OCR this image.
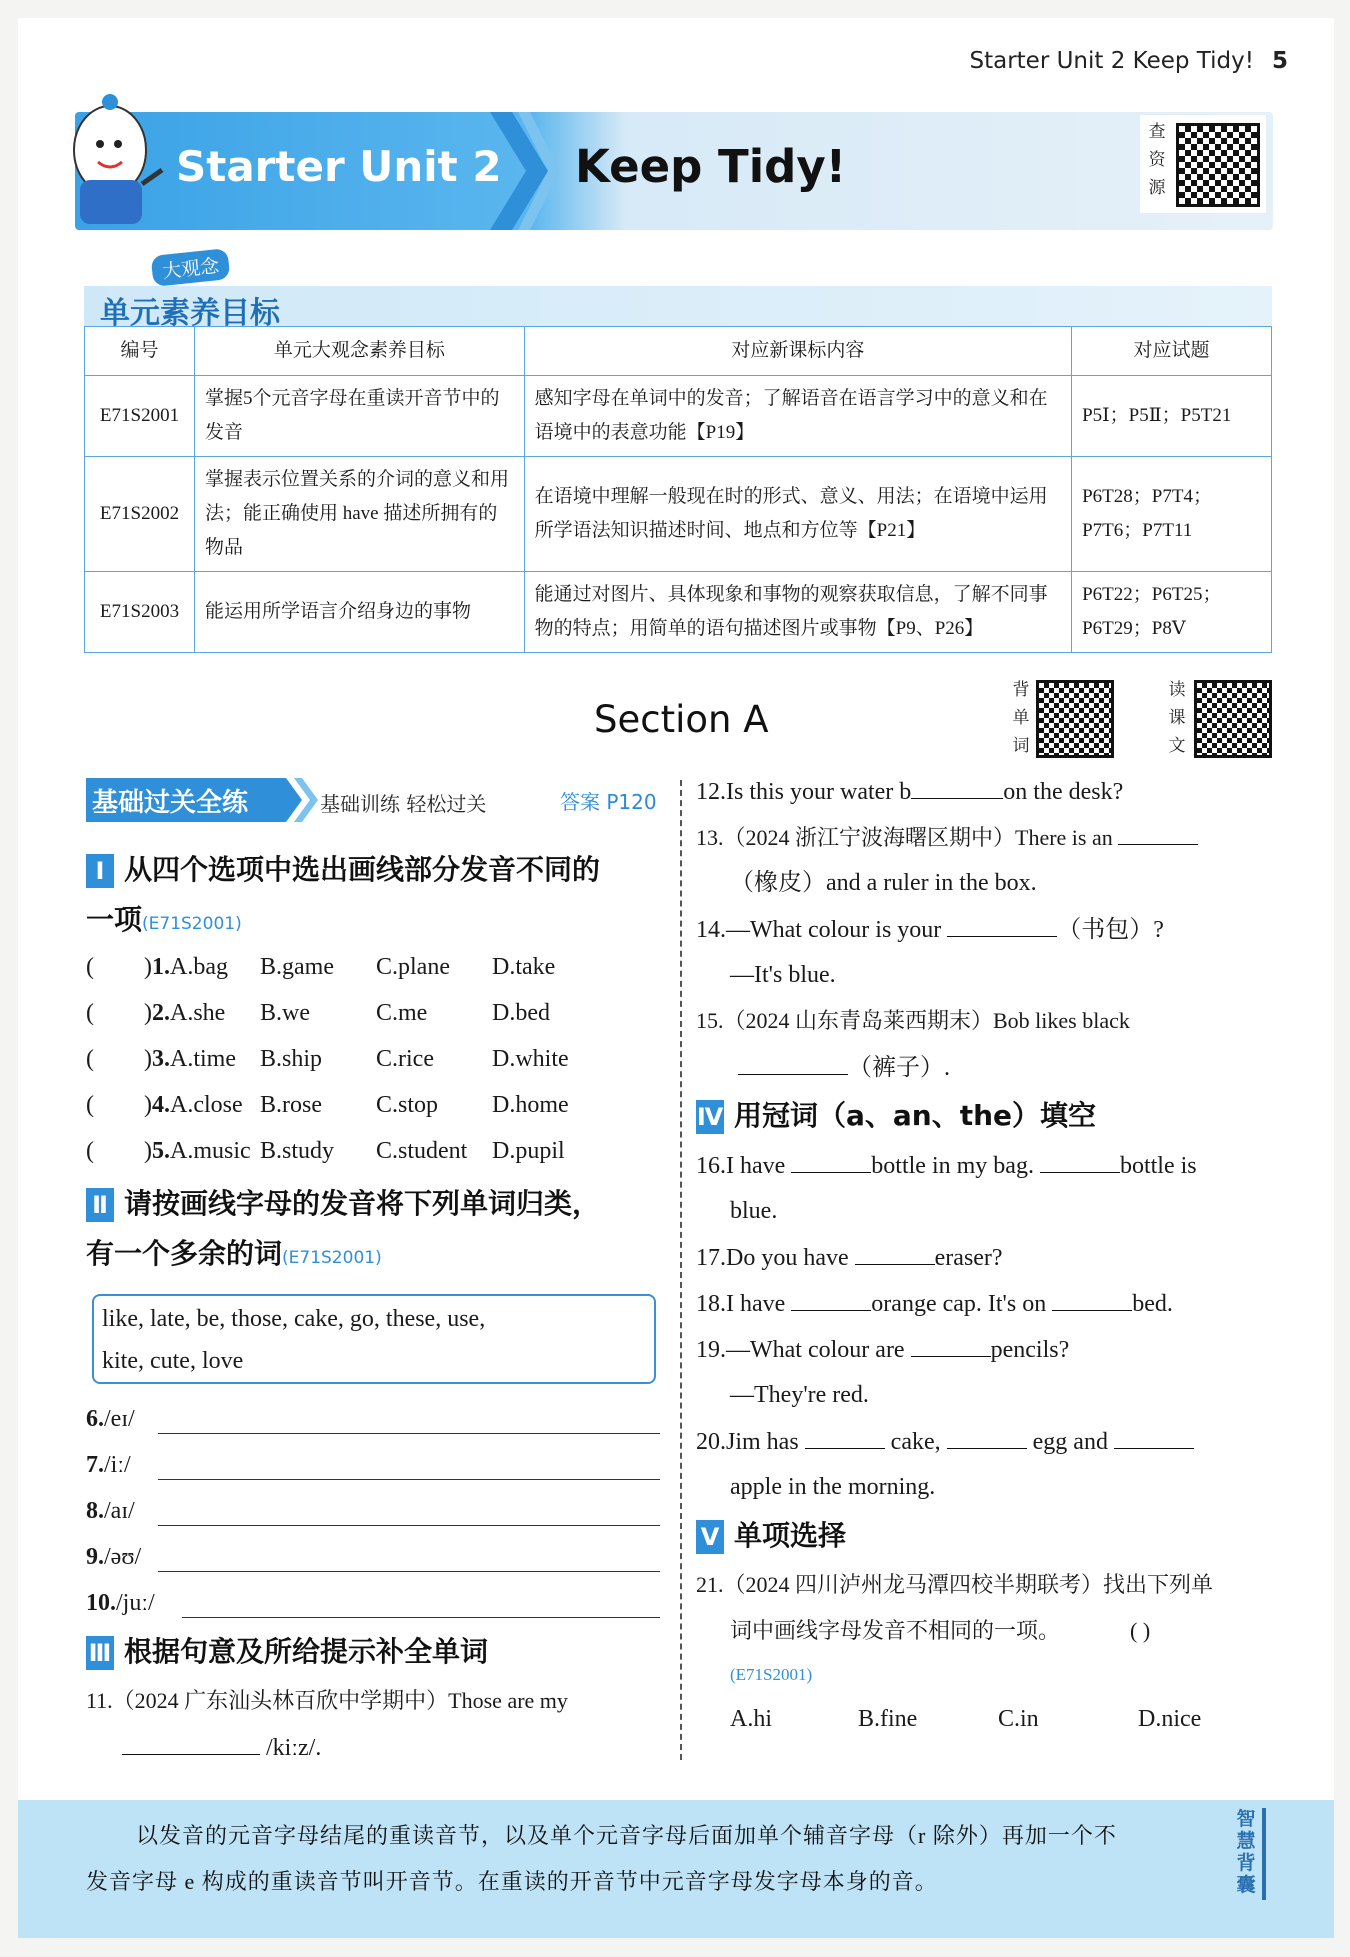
Starter Unit 2 Keep Tidy! 5
Starter Unit 2 Keep Tidy!
查资源
大观念
单元素养目标
编号	单元大观念素养目标	对应新课标内容	对应试题
E71S2001	掌握5个元音字母在重读开音节中的发音	感知字母在单词中的发音；了解语音在语言学习中的意义和在语境中的表意功能【P19】	P5Ⅰ；P5Ⅱ；P5T21
E71S2002	掌握表示位置关系的介词的意义和用法；能正确使用 have 描述所拥有的物品	在语境中理解一般现在时的形式、意义、用法；在语境中运用所学语法知识描述时间、地点和方位等【P21】	P6T28；P7T4；P7T6；P7T11
E71S2003	能运用所学语言介绍身边的事物	能通过对图片、具体现象和事物的观察获取信息，了解不同事物的特点；用简单的语句描述图片或事物【P9、P26】	P6T22；P6T25；P6T29；P8Ⅴ
Section A
背单词
读课文
基础过关全练	基础训练 轻松过关	答案 P120
Ⅰ 从四个选项中选出画线部分发音不同的
一项(E71S2001)
( )1.A.bag B.game C.plane D.take
( )2.A.she B.we	C.me	D.bed
( )3.A.time B.ship C.rice D.white
( )4.A.close B.rose C.stop D.home
( )5.A.music B.study C.student D.pupil
Ⅱ 请按画线字母的发音将下列单词归类，
有一个多余的词(E71S2001)
like, late, be, those, cake, go, these, use,
kite, cute, love
6./eɪ/
7./iː/
8./aɪ/
9./əʊ/
10./juː/
Ⅲ 根据句意及所给提示补全单词
11.（2024 广东汕头林百欣中学期中）Those are my
/kiːz/.
12.Is this your water b	on the desk?
13.（2024 浙江宁波海曙区期中）There is an
（橡皮）and a ruler in the box.
14.—What colour is your	（书包）?
—It's blue.
15.（2024 山东青岛莱西期末）Bob likes black
（裤子）.
Ⅳ 用冠词（a、an、the）填空
16.I have	bottle in my bag.	bottle is
blue.
17.Do you have	eraser?
18.I have	orange cap. It's on	bed.
19.—What colour are	pencils?
—They're red.
20.Jim has	cake,	egg and
apple in the morning.
Ⅴ 单项选择
21.（2024 四川泸州龙马潭四校半期联考）找出下列单
词中画线字母发音不相同的一项。	( )
(E71S2001)
A.hi	B.fine	C.in	D.nice
以发音的元音字母结尾的重读音节，以及单个元音字母后面加单个辅音字母（r 除外）再加一个不
发音字母 e 构成的重读音节叫开音节。在重读的开音节中元音字母发字母本身的音。
智慧背囊
